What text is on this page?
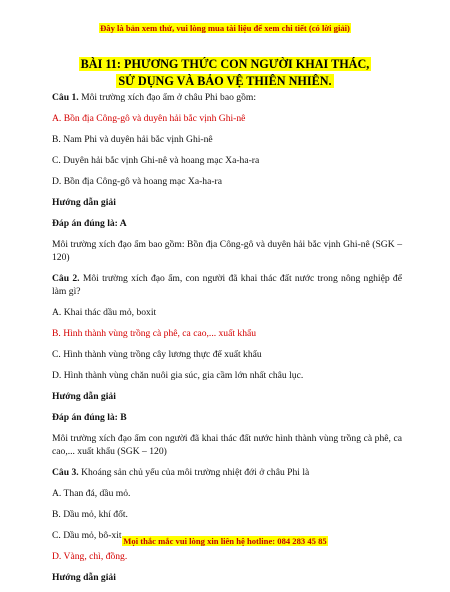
Đây là bản xem thử, vui lòng mua tài liệu để xem chi tiết (có lời giải)
BÀI 11: PHƯƠNG THỨC CON NGƯỜI KHAI THÁC,
SỬ DỤNG VÀ BẢO VỆ THIÊN NHIÊN.

Câu 1. Môi trường xích đạo ẩm ở châu Phi bao gồm:

A. Bồn địa Công-gô và duyên hải bắc vịnh Ghi-nê

B. Nam Phi và duyên hải bắc vịnh Ghi-nê

C. Duyên hải bắc vịnh Ghi-nê và hoang mạc Xa-ha-ra

D. Bồn địa Công-gô và hoang mạc Xa-ha-ra

Hướng dẫn giải

Đáp án đúng là: A

Môi trường xích đạo ẩm bao gồm: Bồn địa Công-gô và duyên hải bắc vịnh Ghi-nê (SGK – 120)

Câu 2. Môi trường xích đạo ẩm, con người đã khai thác đất nước trong nông nghiệp để làm gì?

A. Khai thác dầu mỏ, boxit

B. Hình thành vùng trồng cà phê, ca cao,... xuất khẩu

C. Hình thành vùng trồng cây lương thực để xuất khẩu

D. Hình thành vùng chăn nuôi gia súc, gia cầm lớn nhất châu lục.

Hướng dẫn giải

Đáp án đúng là: B

Môi trường xích đạo ẩm con người đã khai thác đất nước hình thành vùng trồng cà phê, ca cao,... xuất khẩu (SGK – 120)

Câu 3. Khoáng sản chủ yếu của môi trường nhiệt đới ở châu Phi là

A. Than đá, dầu mỏ.

B. Dầu mỏ, khí đốt.

C. Dầu mỏ, bô-xit

D. Vàng, chì, đồng.

Hướng dẫn giải

Mọi thắc mắc vui lòng xin liên hệ hotline: 084 283 45 85
